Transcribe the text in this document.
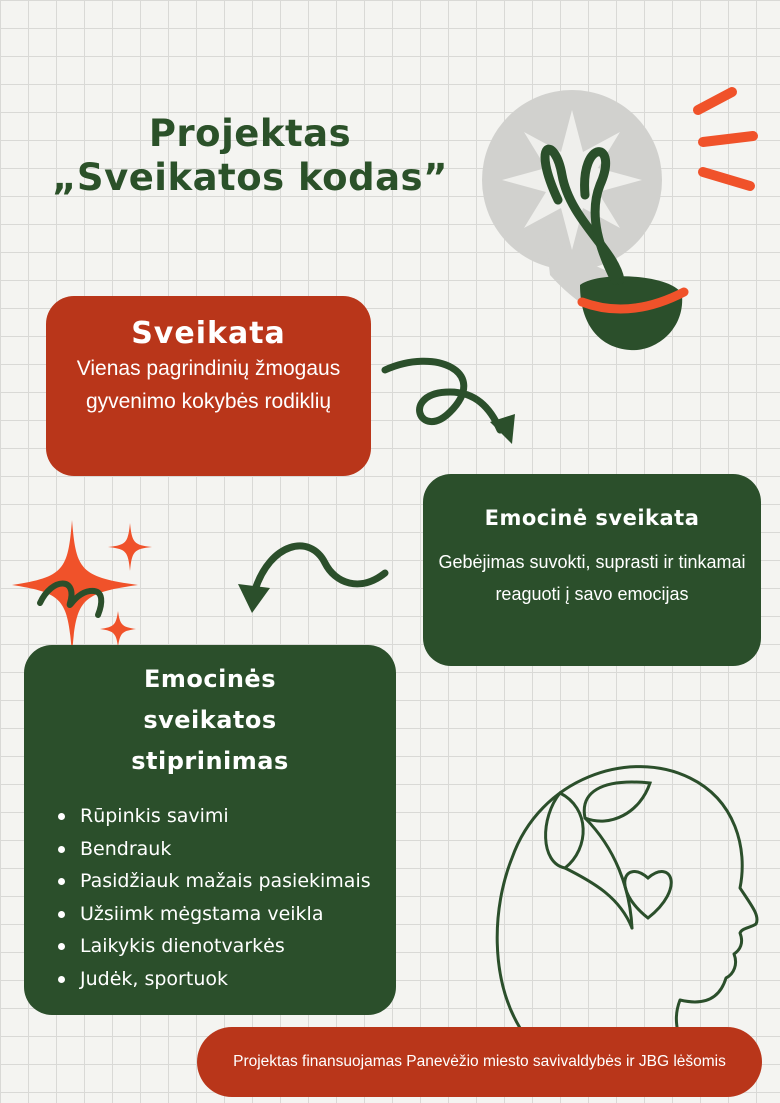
Projektas
„Sveikatos kodas”
Sveikata
Vienas pagrindinių žmogaus gyvenimo kokybės rodiklių
Emocinė sveikata
Gebėjimas suvokti, suprasti ir tinkamai reaguoti į savo emocijas
Emocinės
sveikatos
stiprinimas
Rūpinkis savimi
Bendrauk
Pasidžiauk mažais pasiekimais
Užsiimk mėgstama veikla
Laikykis dienotvarkės
Judėk, sportuok
Projektas finansuojamas Panevėžio miesto savivaldybės ir JBG lėšomis
